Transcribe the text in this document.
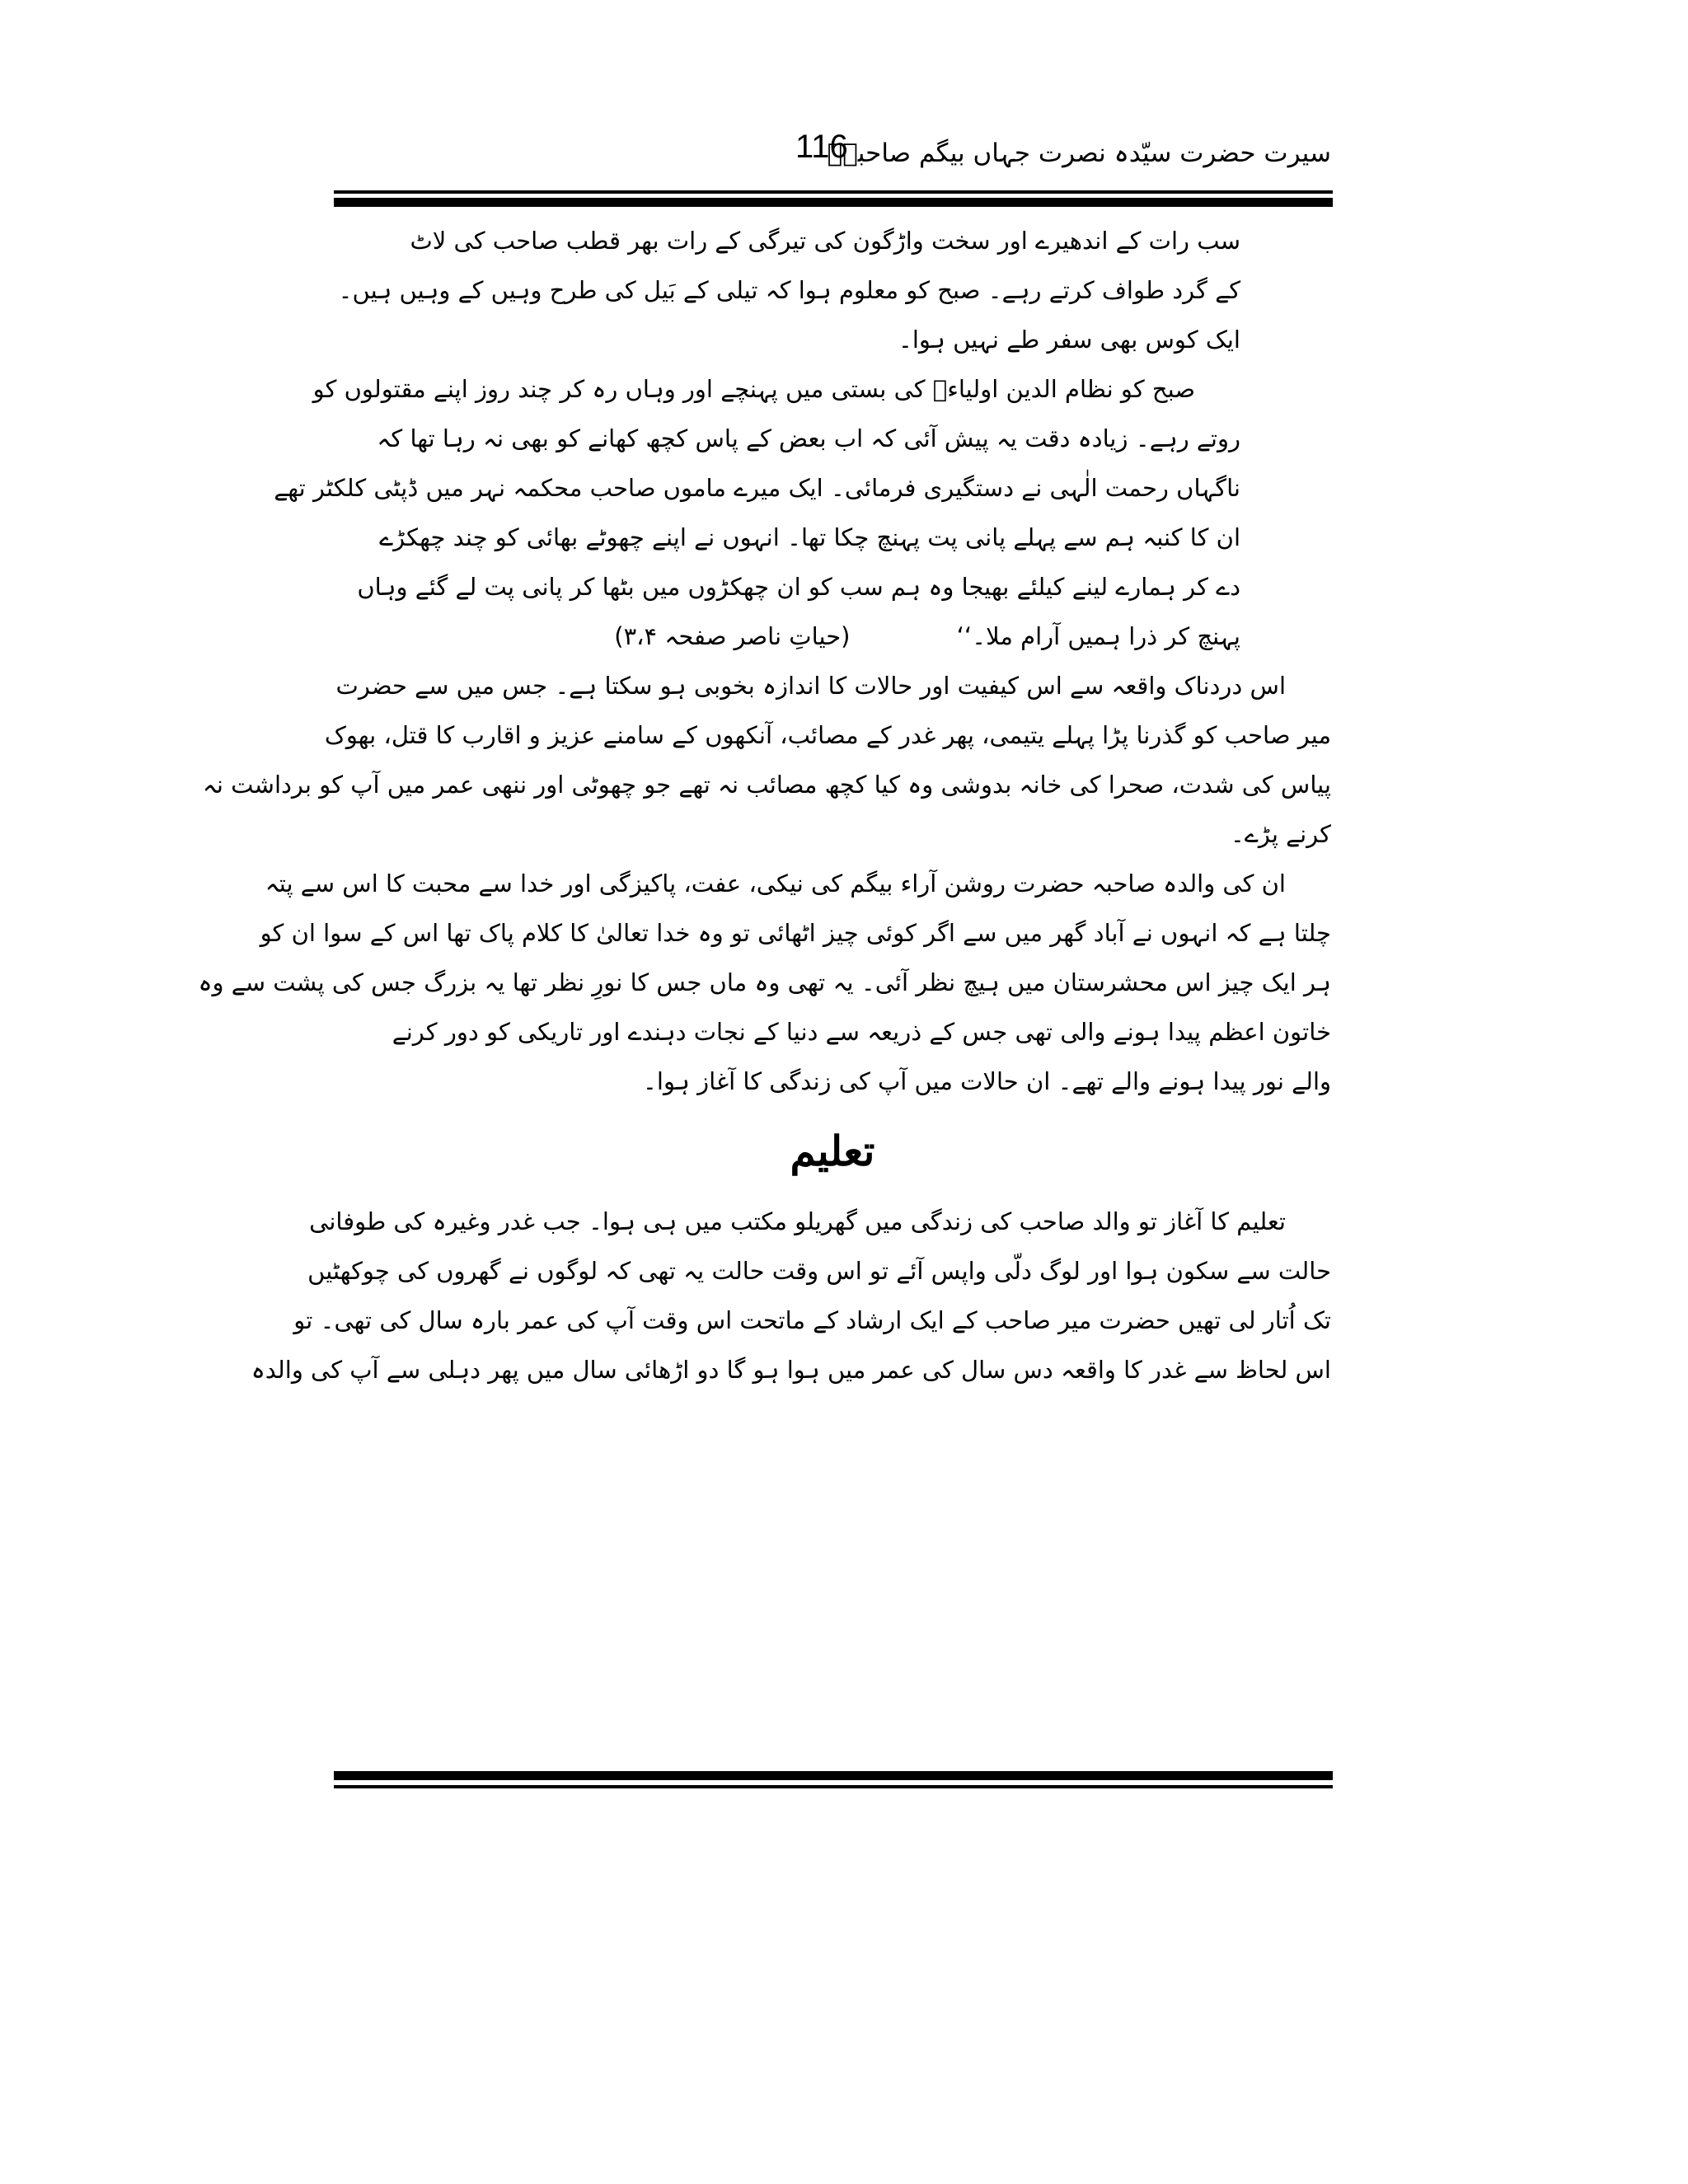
سیرت حضرت سیّدہ نصرت جہاں بیگم صاحبہؓ
116
سب رات کے اندھیرے اور سخت واڑگون کی تیرگی کے رات بھر قطب صاحب کی لاٹ
کے گرد طواف کرتے رہے۔ صبح کو معلوم ہوا کہ تیلی کے بَیل کی طرح وہیں کے وہیں ہیں۔
ایک کوس بھی سفر طے نہیں ہوا۔
صبح کو نظام الدین اولیاءؒ کی بستی میں پہنچے اور وہاں رہ کر چند روز اپنے مقتولوں کو
روتے رہے۔ زیادہ دقت یہ پیش آئی کہ اب بعض کے پاس کچھ کھانے کو بھی نہ رہا تھا کہ
ناگہاں رحمت الٰہی نے دستگیری فرمائی۔ ایک میرے ماموں صاحب محکمہ نہر میں ڈپٹی کلکٹر تھے
ان کا کنبہ ہم سے پہلے پانی پت پہنچ چکا تھا۔ انہوں نے اپنے چھوٹے بھائی کو چند چھکڑے
دے کر ہمارے لینے کیلئے بھیجا وہ ہم سب کو ان چھکڑوں میں بٹھا کر پانی پت لے گئے وہاں
پہنچ کر ذرا ہمیں آرام ملا۔‘‘ (حیاتِ ناصر صفحہ ۳،۴)
اس دردناک واقعہ سے اس کیفیت اور حالات کا اندازہ بخوبی ہو سکتا ہے۔ جس میں سے حضرت
میر صاحب کو گذرنا پڑا پہلے یتیمی، پھر غدر کے مصائب، آنکھوں کے سامنے عزیز و اقارب کا قتل، بھوک
پیاس کی شدت، صحرا کی خانہ بدوشی وہ کیا کچھ مصائب نہ تھے جو چھوٹی اور ننھی عمر میں آپ کو برداشت نہ
کرنے پڑے۔
ان کی والدہ صاحبہ حضرت روشن آراء بیگم کی نیکی، عفت، پاکیزگی اور خدا سے محبت کا اس سے پتہ
چلتا ہے کہ انہوں نے آباد گھر میں سے اگر کوئی چیز اٹھائی تو وہ خدا تعالیٰ کا کلام پاک تھا اس کے سوا ان کو
ہر ایک چیز اس محشرستان میں ہیچ نظر آئی۔ یہ تھی وہ ماں جس کا نورِ نظر تھا یہ بزرگ جس کی پشت سے وہ
خاتون اعظم پیدا ہونے والی تھی جس کے ذریعہ سے دنیا کے نجات دہندے اور تاریکی کو دور کرنے
والے نور پیدا ہونے والے تھے۔ ان حالات میں آپ کی زندگی کا آغاز ہوا۔
تعلیم
تعلیم کا آغاز تو والد صاحب کی زندگی میں گھریلو مکتب میں ہی ہوا۔ جب غدر وغیرہ کی طوفانی
حالت سے سکون ہوا اور لوگ دلّی واپس آئے تو اس وقت حالت یہ تھی کہ لوگوں نے گھروں کی چوکھٹیں
تک اُتار لی تھیں حضرت میر صاحب کے ایک ارشاد کے ماتحت اس وقت آپ کی عمر بارہ سال کی تھی۔ تو
اس لحاظ سے غدر کا واقعہ دس سال کی عمر میں ہوا ہو گا دو اڑھائی سال میں پھر دہلی سے آپ کی والدہ
